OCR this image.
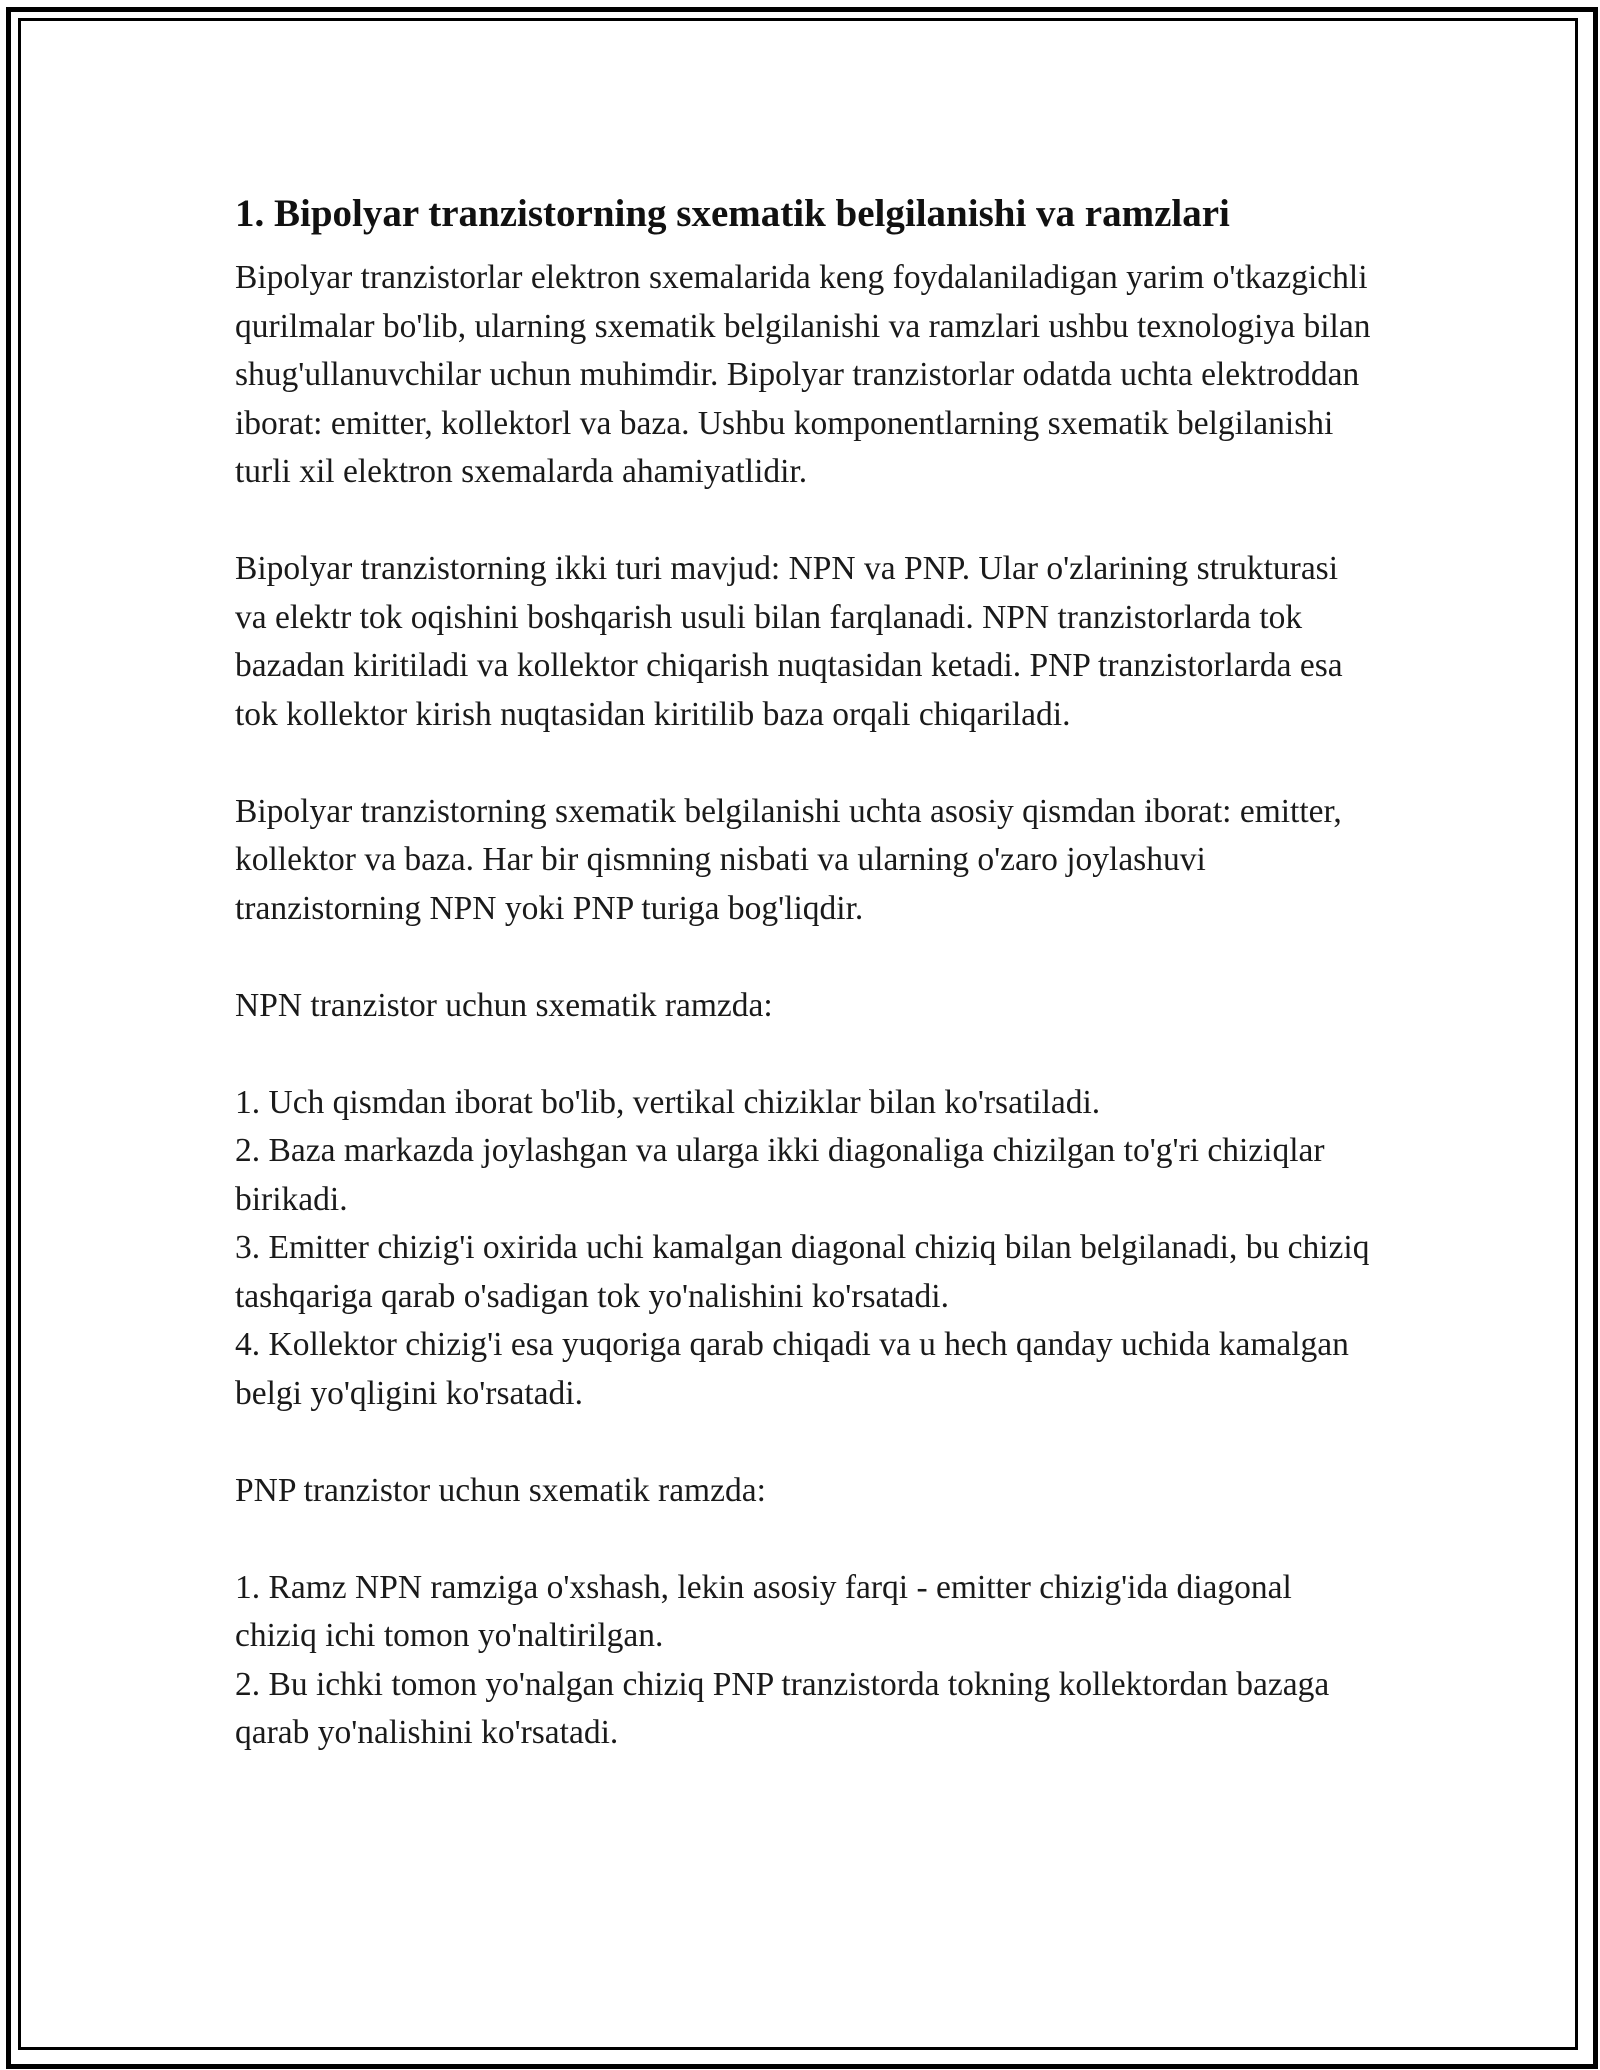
1. Bipolyar tranzistorning sxematik belgilanishi va ramzlari

Bipolyar tranzistorlar elektron sxemalarida keng foydalaniladigan yarim o'tkazgichli qurilmalar bo'lib, ularning sxematik belgilanishi va ramzlari ushbu texnologiya bilan shug'ullanuvchilar uchun muhimdir. Bipolyar tranzistorlar odatda uchta elektroddan iborat: emitter, kollektorl va baza. Ushbu komponentlarning sxematik belgilanishi turli xil elektron sxemalarda ahamiyatlidir.

Bipolyar tranzistorning ikki turi mavjud: NPN va PNP. Ular o'zlarining strukturasi va elektr tok oqishini boshqarish usuli bilan farqlanadi. NPN tranzistorlarda tok bazadan kiritiladi va kollektor chiqarish nuqtasidan ketadi. PNP tranzistorlarda esa tok kollektor kirish nuqtasidan kiritilib baza orqali chiqariladi.

Bipolyar tranzistorning sxematik belgilanishi uchta asosiy qismdan iborat: emitter, kollektor va baza. Har bir qismning nisbati va ularning o'zaro joylashuvi tranzistorning NPN yoki PNP turiga bog'liqdir.

NPN tranzistor uchun sxematik ramzda:

1. Uch qismdan iborat bo'lib, vertikal chiziklar bilan ko'rsatiladi.
2. Baza markazda joylashgan va ularga ikki diagonaliga chizilgan to'g'ri chiziqlar birikadi.
3. Emitter chizig'i oxirida uchi kamalgan diagonal chiziq bilan belgilanadi, bu chiziq tashqariga qarab o'sadigan tok yo'nalishini ko'rsatadi.
4. Kollektor chizig'i esa yuqoriga qarab chiqadi va u hech qanday uchida kamalgan belgi yo'qligini ko'rsatadi.

PNP tranzistor uchun sxematik ramzda:

1. Ramz NPN ramziga o'xshash, lekin asosiy farqi - emitter chizig'ida diagonal chiziq ichi tomon yo'naltirilgan.
2. Bu ichki tomon yo'nalgan chiziq PNP tranzistorda tokning kollektordan bazaga qarab yo'nalishini ko'rsatadi.
